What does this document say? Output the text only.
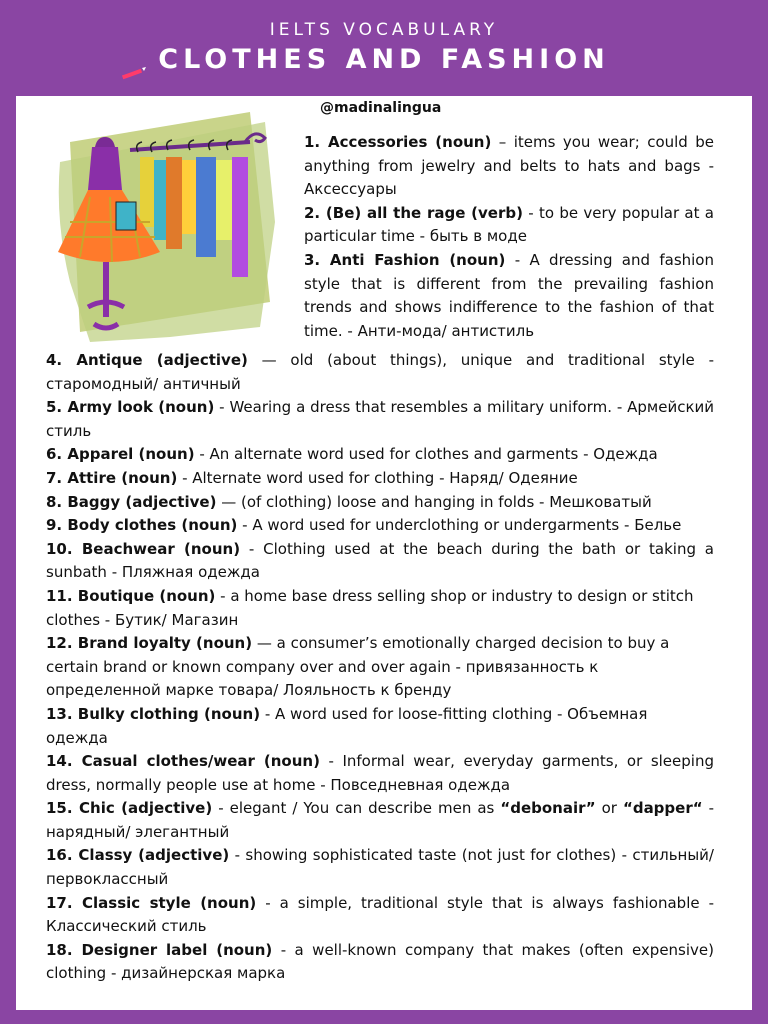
IELTS VOCABULARY
CLOTHES AND FASHION
@madinalingua

1. Accessories (noun) – items you wear; could be anything from jewelry and belts to hats and bags - Аксессуары

2. (Be) all the rage (verb) - to be very popular at a particular time - быть в моде

3. Anti Fashion (noun) - A dressing and fashion style that is different from the prevailing fashion trends and shows indifference to the fashion of that time. - Анти-мода/ антистиль

4. Antique (adjective) — old (about things), unique and traditional style - старомодный/ античный

5. Army look (noun) - Wearing a dress that resembles a military uniform. - Армейский стиль

6. Apparel (noun) - An alternate word used for clothes and garments - Одежда

7. Attire (noun) - Alternate word used for clothing - Наряд/ Одеяние

8. Baggy (adjective) — (of clothing) loose and hanging in folds - Мешковатый

9. Body clothes (noun) - A word used for underclothing or undergarments - Белье

10. Beachwear (noun) - Clothing used at the beach during the bath or taking a sunbath - Пляжная одежда

11. Boutique (noun) - a home base dress selling shop or industry to design or stitch clothes - Бутик/ Магазин

12. Brand loyalty (noun) — a consumer’s emotionally charged decision to buy a certain brand or known company over and over again - привязанность к определенной марке товара/ Лояльность к бренду

13. Bulky clothing (noun) - A word used for loose-fitting clothing - Объемная одежда

14. Casual clothes/wear (noun) - Informal wear, everyday garments, or sleeping dress, normally people use at home - Повседневная одежда

15. Chic (adjective) - elegant / You can describe men as “debonair” or “dapper“ - нарядный/ элегантный

16. Classy (adjective) - showing sophisticated taste (not just for clothes) - стильный/ первоклассный

17. Classic style (noun) - a simple, traditional style that is always fashionable - Классический стиль

18. Designer label (noun) - a well-known company that makes (often expensive) clothing - дизайнерская марка
